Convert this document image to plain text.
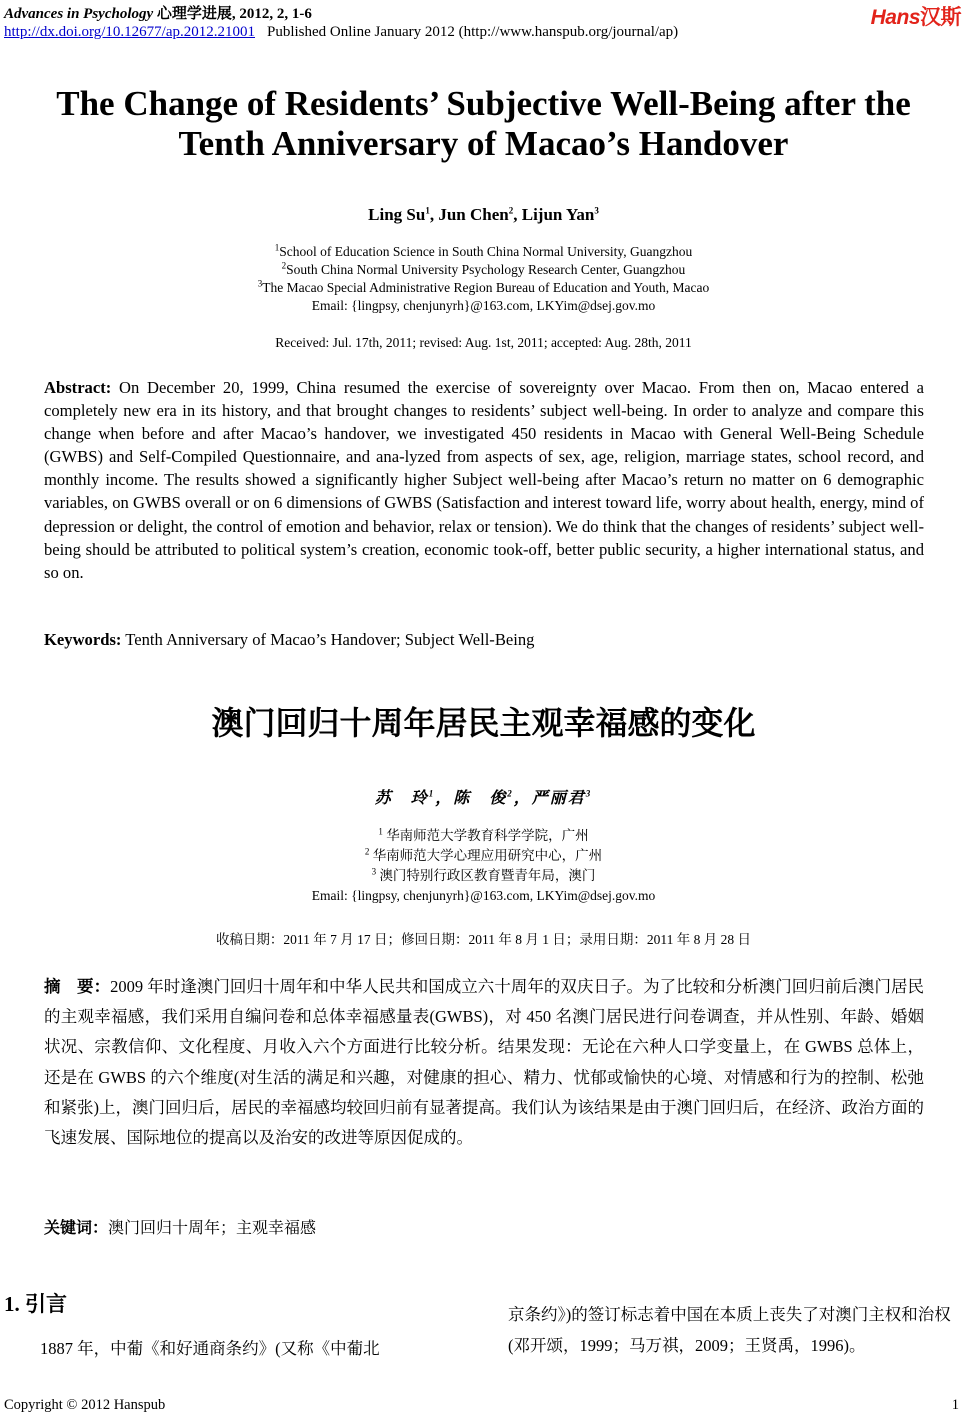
Advances in Psychology 心理学进展, 2012, 2, 1-6
http://dx.doi.org/10.12677/ap.2012.21001 Published Online January 2012 (http://www.hanspub.org/journal/ap)
Hans汉斯
The Change of Residents’ Subjective Well-Being after the
Tenth Anniversary of Macao’s Handover
Ling Su$^1$, Jun Chen$^2$, Lijun Yan$^3$
$^1$School of Education Science in South China Normal University, Guangzhou
$^2$South China Normal University Psychology Research Center, Guangzhou
$^3$The Macao Special Administrative Region Bureau of Education and Youth, Macao
Email: {lingpsy, chenjunyrh}@163.com, LKYim@dsej.gov.mo
Received: Jul. 17th, 2011; revised: Aug. 1st, 2011; accepted: Aug. 28th, 2011
Abstract: On December 20, 1999, China resumed the exercise of sovereignty over Macao. From then on, Macao entered a completely new era in its history, and that brought changes to residents’ subject well-being. In order to analyze and compare this change when before and after Macao’s handover, we investigated 450 residents in Macao with General Well-Being Schedule (GWBS) and Self-Compiled Questionnaire, and ana-lyzed from aspects of sex, age, religion, marriage states, school record, and monthly income. The results showed a significantly higher Subject well-being after Macao’s return no matter on 6 demographic variables, on GWBS overall or on 6 dimensions of GWBS (Satisfaction and interest toward life, worry about health, energy, mind of depression or delight, the control of emotion and behavior, relax or tension). We do think that the changes of residents’ subject well-being should be attributed to political system’s creation, economic took-off, better public security, a higher international status, and so on.
Keywords: Tenth Anniversary of Macao’s Handover; Subject Well-Being
澳门回归十周年居民主观幸福感的变化
苏　玲$^1$，陈　俊$^2$，严丽君$^3$
$^1$ 华南师范大学教育科学学院，广州
$^2$ 华南师范大学心理应用研究中心，广州
$^3$ 澳门特别行政区教育暨青年局，澳门
Email: {lingpsy, chenjunyrh}@163.com, LKYim@dsej.gov.mo
收稿日期：2011 年 7 月 17 日；修回日期：2011 年 8 月 1 日；录用日期：2011 年 8 月 28 日
摘　要：2009 年时逢澳门回归十周年和中华人民共和国成立六十周年的双庆日子。为了比较和分析澳门回归前后澳门居民的主观幸福感，我们采用自编问卷和总体幸福感量表(GWBS)，对 450 名澳门居民进行问卷调查，并从性别、年龄、婚姻状况、宗教信仰、文化程度、月收入六个方面进行比较分析。结果发现：无论在六种人口学变量上，在 GWBS 总体上，还是在 GWBS 的六个维度(对生活的满足和兴趣，对健康的担心、精力、忧郁或愉快的心境、对情感和行为的控制、松弛和紧张)上，澳门回归后，居民的幸福感均较回归前有显著提高。我们认为该结果是由于澳门回归后，在经济、政治方面的飞速发展、国际地位的提高以及治安的改进等原因促成的。
关键词：澳门回归十周年；主观幸福感
1. 引言
1887 年，中葡《和好通商条约》(又称《中葡北
京条约》)的签订标志着中国在本质上丧失了对澳门主权和治权(邓开颂，1999；马万祺，2009；王贤禹，1996)。
Copyright © 2012 Hanspub	1
